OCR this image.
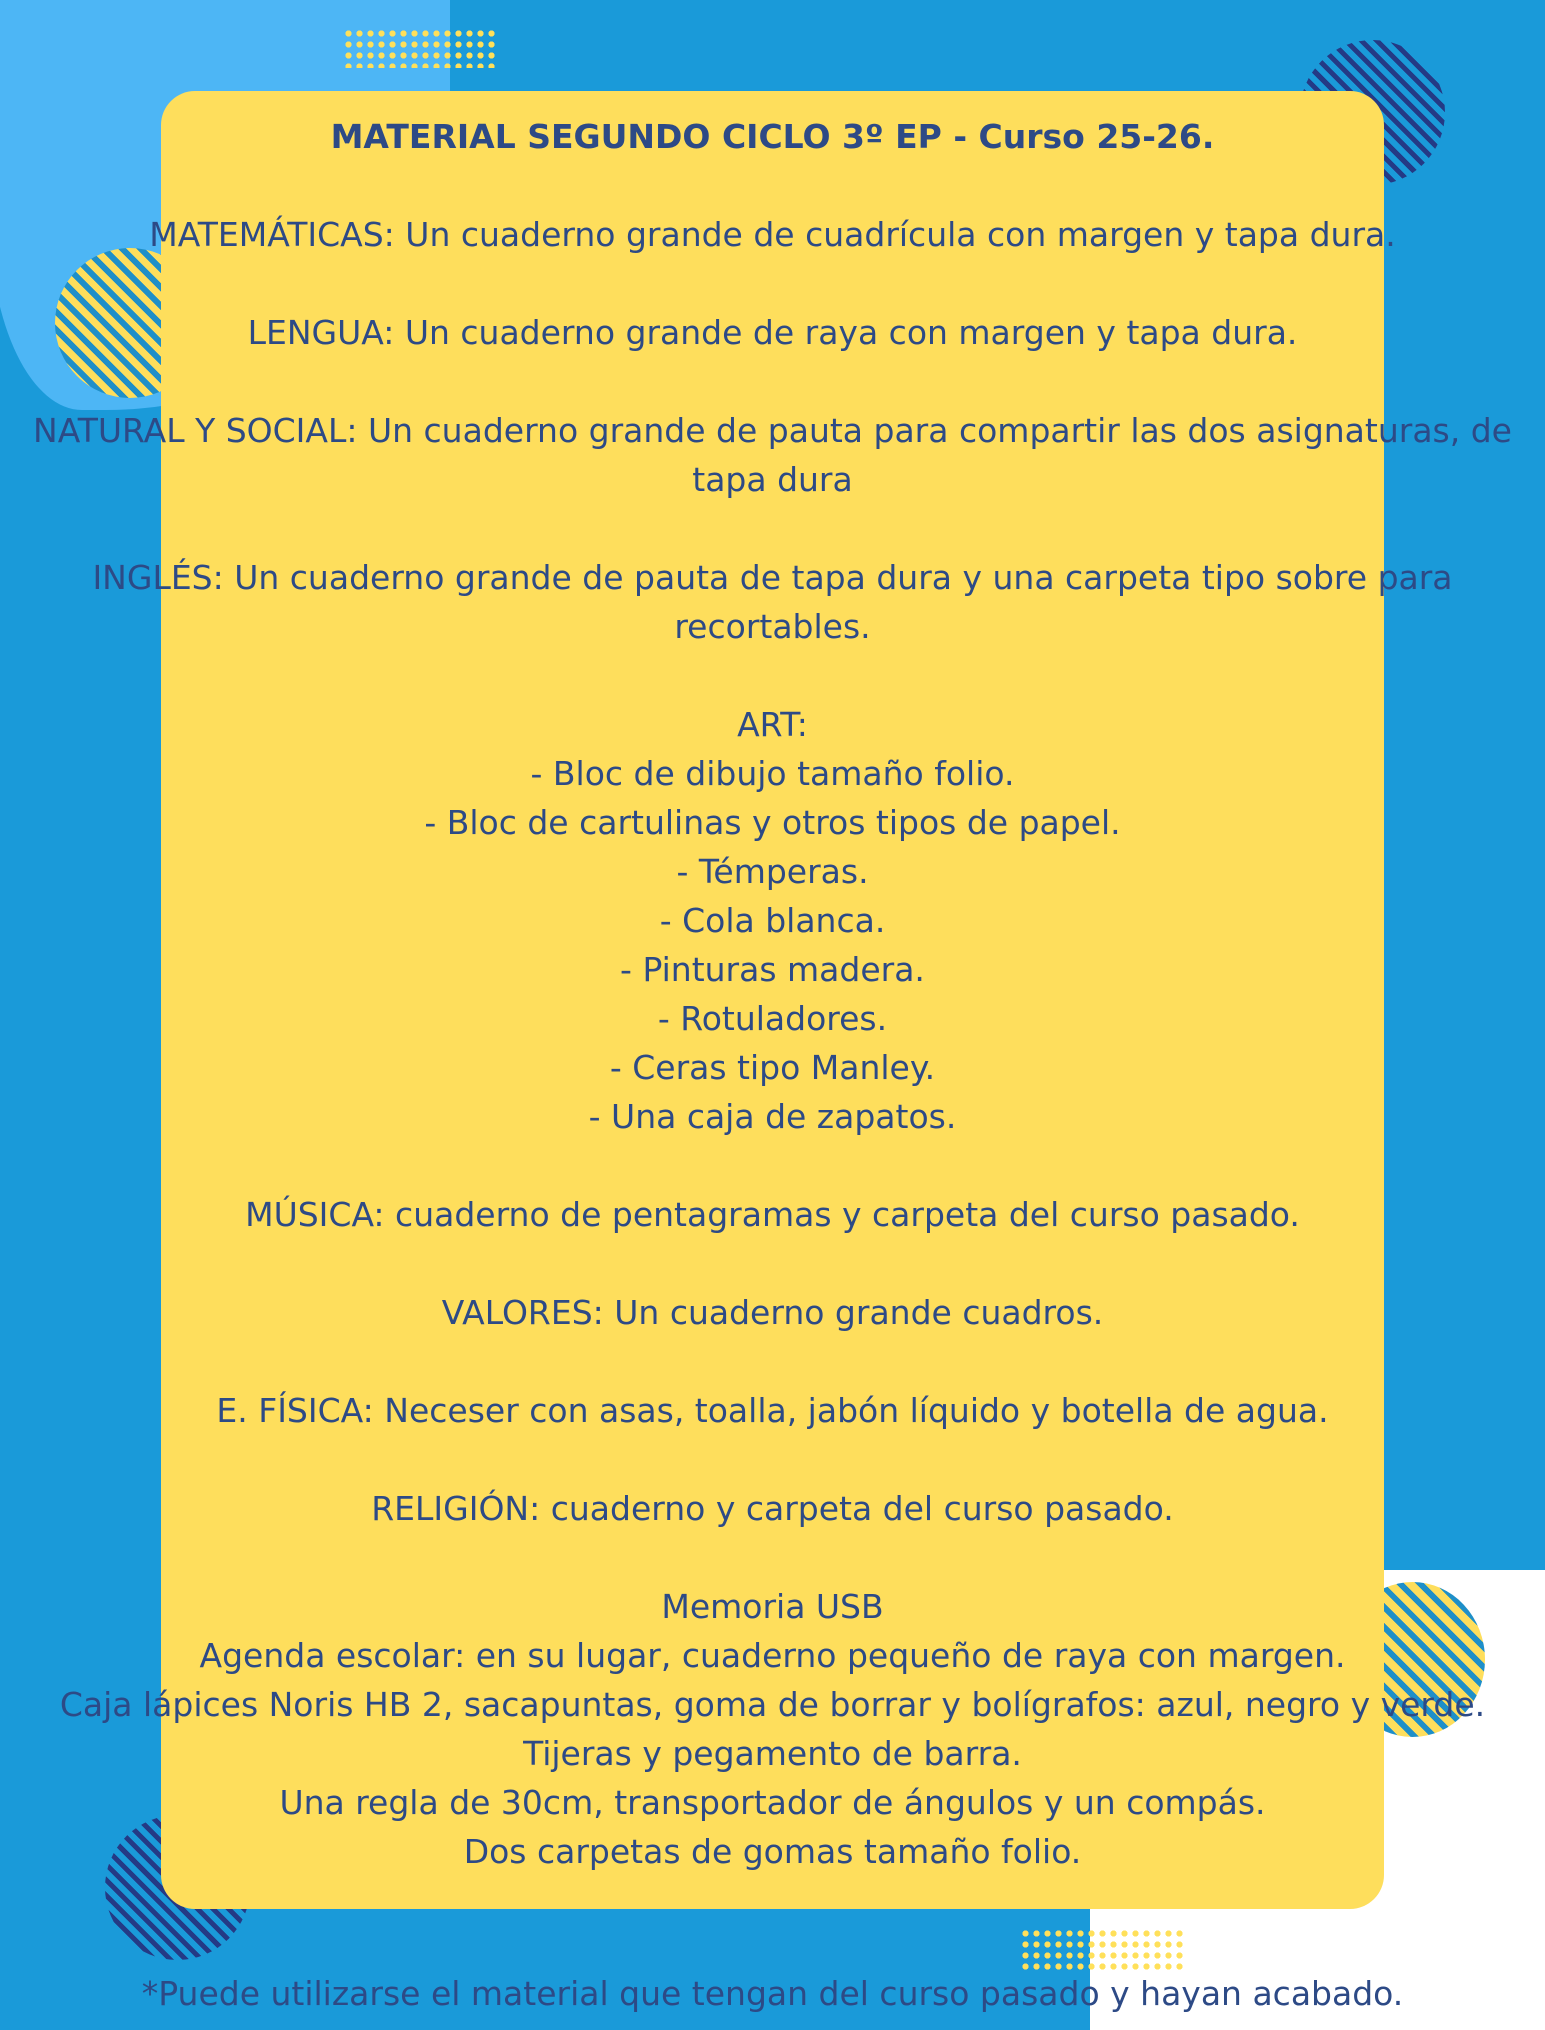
MATERIAL SEGUNDO CICLO 3º EP - Curso 25-26.

MATEMÁTICAS: Un cuaderno grande de cuadrícula con margen y tapa dura.

LENGUA: Un cuaderno grande de raya con margen y tapa dura.

NATURAL Y SOCIAL: Un cuaderno grande de pauta para compartir las dos asignaturas, de tapa dura

INGLÉS: Un cuaderno grande de pauta de tapa dura y una carpeta tipo sobre para recortables.

ART:
- Bloc de dibujo tamaño folio.
- Bloc de cartulinas y otros tipos de papel.
- Témperas.
- Cola blanca.
- Pinturas madera.
- Rotuladores.
- Ceras tipo Manley.
- Una caja de zapatos.

MÚSICA: cuaderno de pentagramas y carpeta del curso pasado.

VALORES: Un cuaderno grande cuadros.

E. FÍSICA: Neceser con asas, toalla, jabón líquido y botella de agua.

RELIGIÓN: cuaderno y carpeta del curso pasado.

Memoria USB
Agenda escolar: en su lugar, cuaderno pequeño de raya con margen.
Caja lápices Noris HB 2, sacapuntas, goma de borrar y bolígrafos: azul, negro y verde.
Tijeras y pegamento de barra.
Una regla de 30cm, transportador de ángulos y un compás.
Dos carpetas de gomas tamaño folio.
*Puede utilizarse el material que tengan del curso pasado y hayan acabado.
